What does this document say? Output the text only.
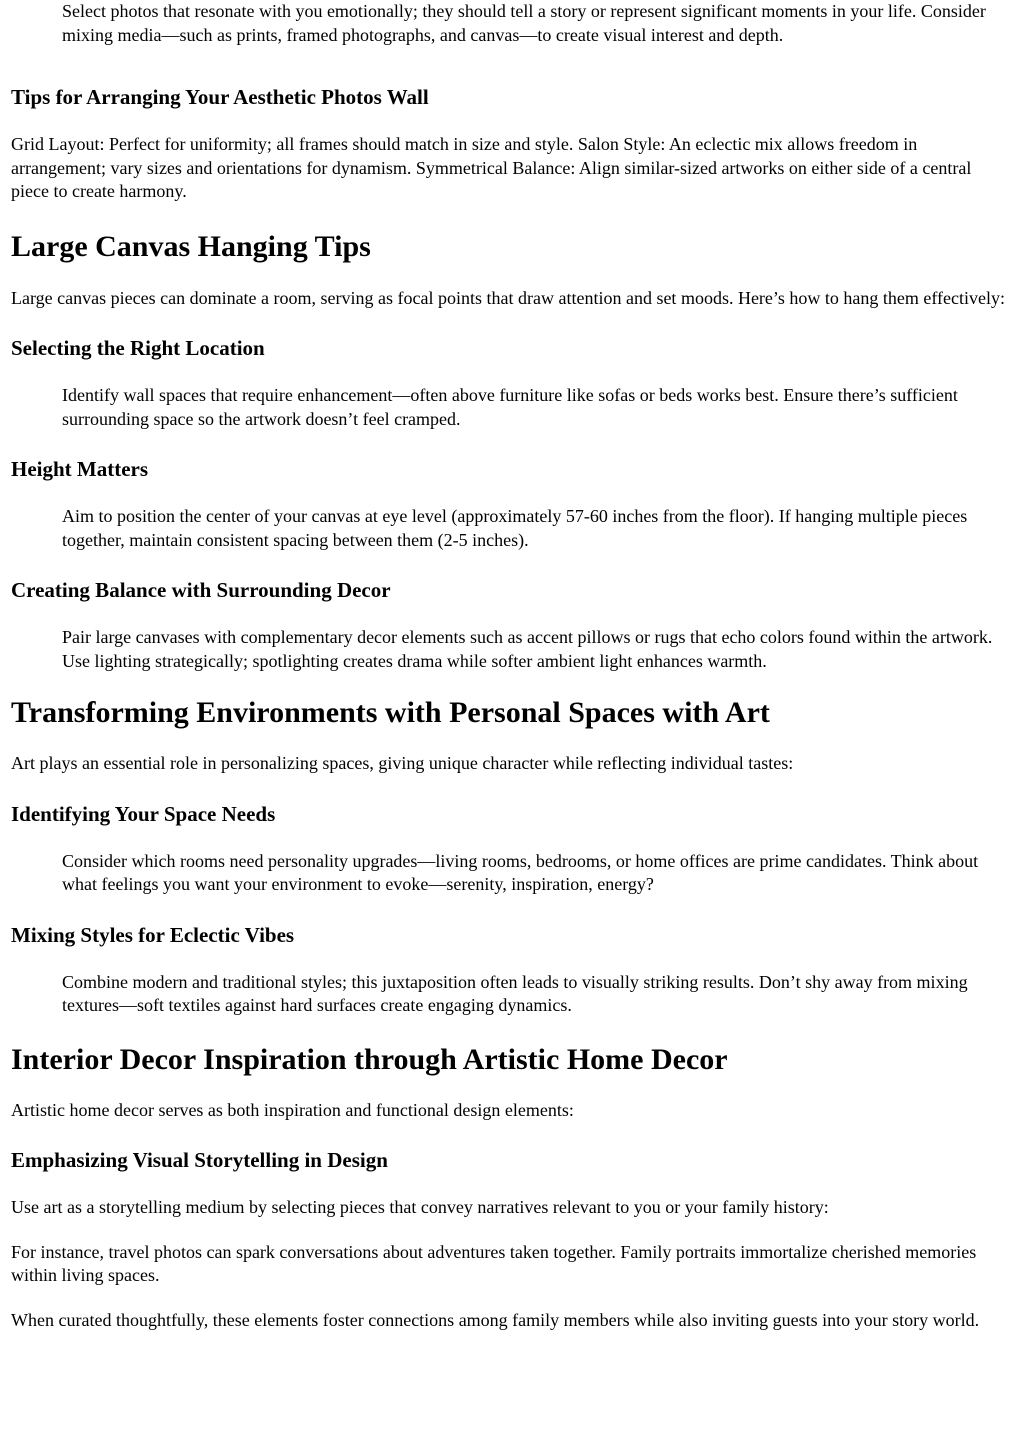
Select photos that resonate with you emotionally; they should tell a story or represent significant moments in your life. Consider mixing media—such as prints, framed photographs, and canvas—to create visual interest and depth.

Tips for Arranging Your Aesthetic Photos Wall

Grid Layout: Perfect for uniformity; all frames should match in size and style. Salon Style: An eclectic mix allows freedom in arrangement; vary sizes and orientations for dynamism. Symmetrical Balance: Align similar-sized artworks on either side of a central piece to create harmony.

Large Canvas Hanging Tips

Large canvas pieces can dominate a room, serving as focal points that draw attention and set moods. Here’s how to hang them effectively:

Selecting the Right Location

Identify wall spaces that require enhancement—often above furniture like sofas or beds works best. Ensure there’s sufficient surrounding space so the artwork doesn’t feel cramped.

Height Matters

Aim to position the center of your canvas at eye level (approximately 57-60 inches from the floor). If hanging multiple pieces together, maintain consistent spacing between them (2-5 inches).

Creating Balance with Surrounding Decor

Pair large canvases with complementary decor elements such as accent pillows or rugs that echo colors found within the artwork. Use lighting strategically; spotlighting creates drama while softer ambient light enhances warmth.

Transforming Environments with Personal Spaces with Art

Art plays an essential role in personalizing spaces, giving unique character while reflecting individual tastes:

Identifying Your Space Needs

Consider which rooms need personality upgrades—living rooms, bedrooms, or home offices are prime candidates. Think about what feelings you want your environment to evoke—serenity, inspiration, energy?

Mixing Styles for Eclectic Vibes

Combine modern and traditional styles; this juxtaposition often leads to visually striking results. Don’t shy away from mixing textures—soft textiles against hard surfaces create engaging dynamics.

Interior Decor Inspiration through Artistic Home Decor

Artistic home decor serves as both inspiration and functional design elements:

Emphasizing Visual Storytelling in Design

Use art as a storytelling medium by selecting pieces that convey narratives relevant to you or your family history:

For instance, travel photos can spark conversations about adventures taken together. Family portraits immortalize cherished memories within living spaces.

When curated thoughtfully, these elements foster connections among family members while also inviting guests into your story world.
